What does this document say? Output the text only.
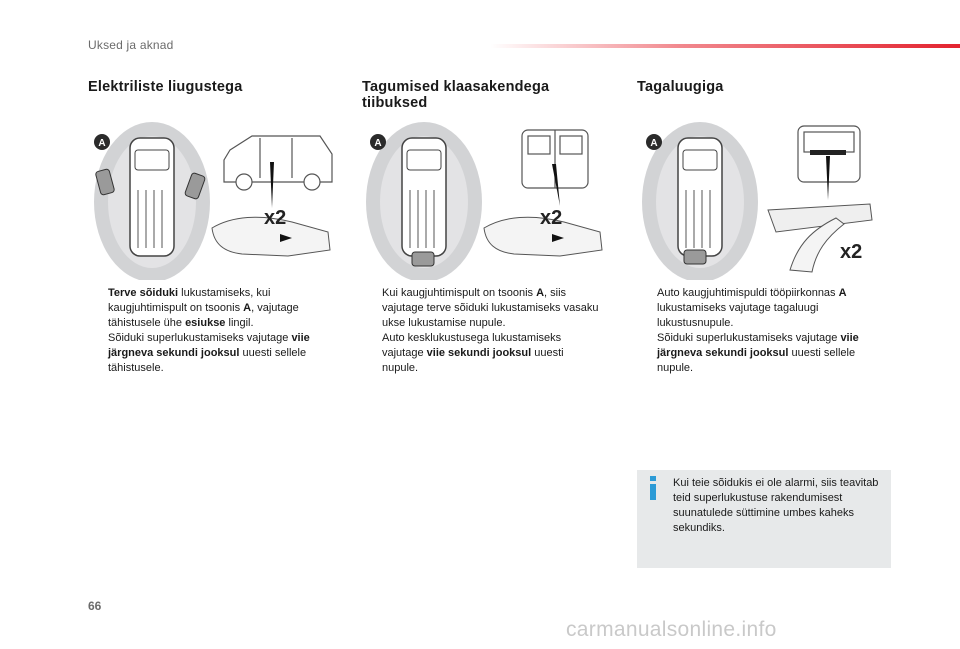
Uksed ja aknad
Elektriliste liugustega	Tagumised klaasakendega tiibuksed
Tagaluugiga
A
x2
A
x2
A
x2

Terve sõiduki lukustamiseks, kui kaugjuhtimispult on tsoonis A, vajutage tähistusele ühe esiukse lingil.

Sõiduki superlukustamiseks vajutage viie järgneva sekundi jooksul uuesti sellele tähistusele.

Kui kaugjuhtimispult on tsoonis A, siis vajutage terve sõiduki lukustamiseks vasaku ukse lukustamise nupule.

Auto kesklukustusega lukustamiseks vajutage viie sekundi jooksul uuesti nupule.

Auto kaugjuhtimispuldi tööpiirkonnas A lukustamiseks vajutage tagaluugi lukustusnupule.

Sõiduki superlukustamiseks vajutage viie järgneva sekundi jooksul uuesti sellele nupule.

Kui teie sõidukis ei ole alarmi, siis teavitab teid superlukustuse rakendumisest suunatulede süttimine umbes kaheks sekundiks.
66
carmanualsonline.info
